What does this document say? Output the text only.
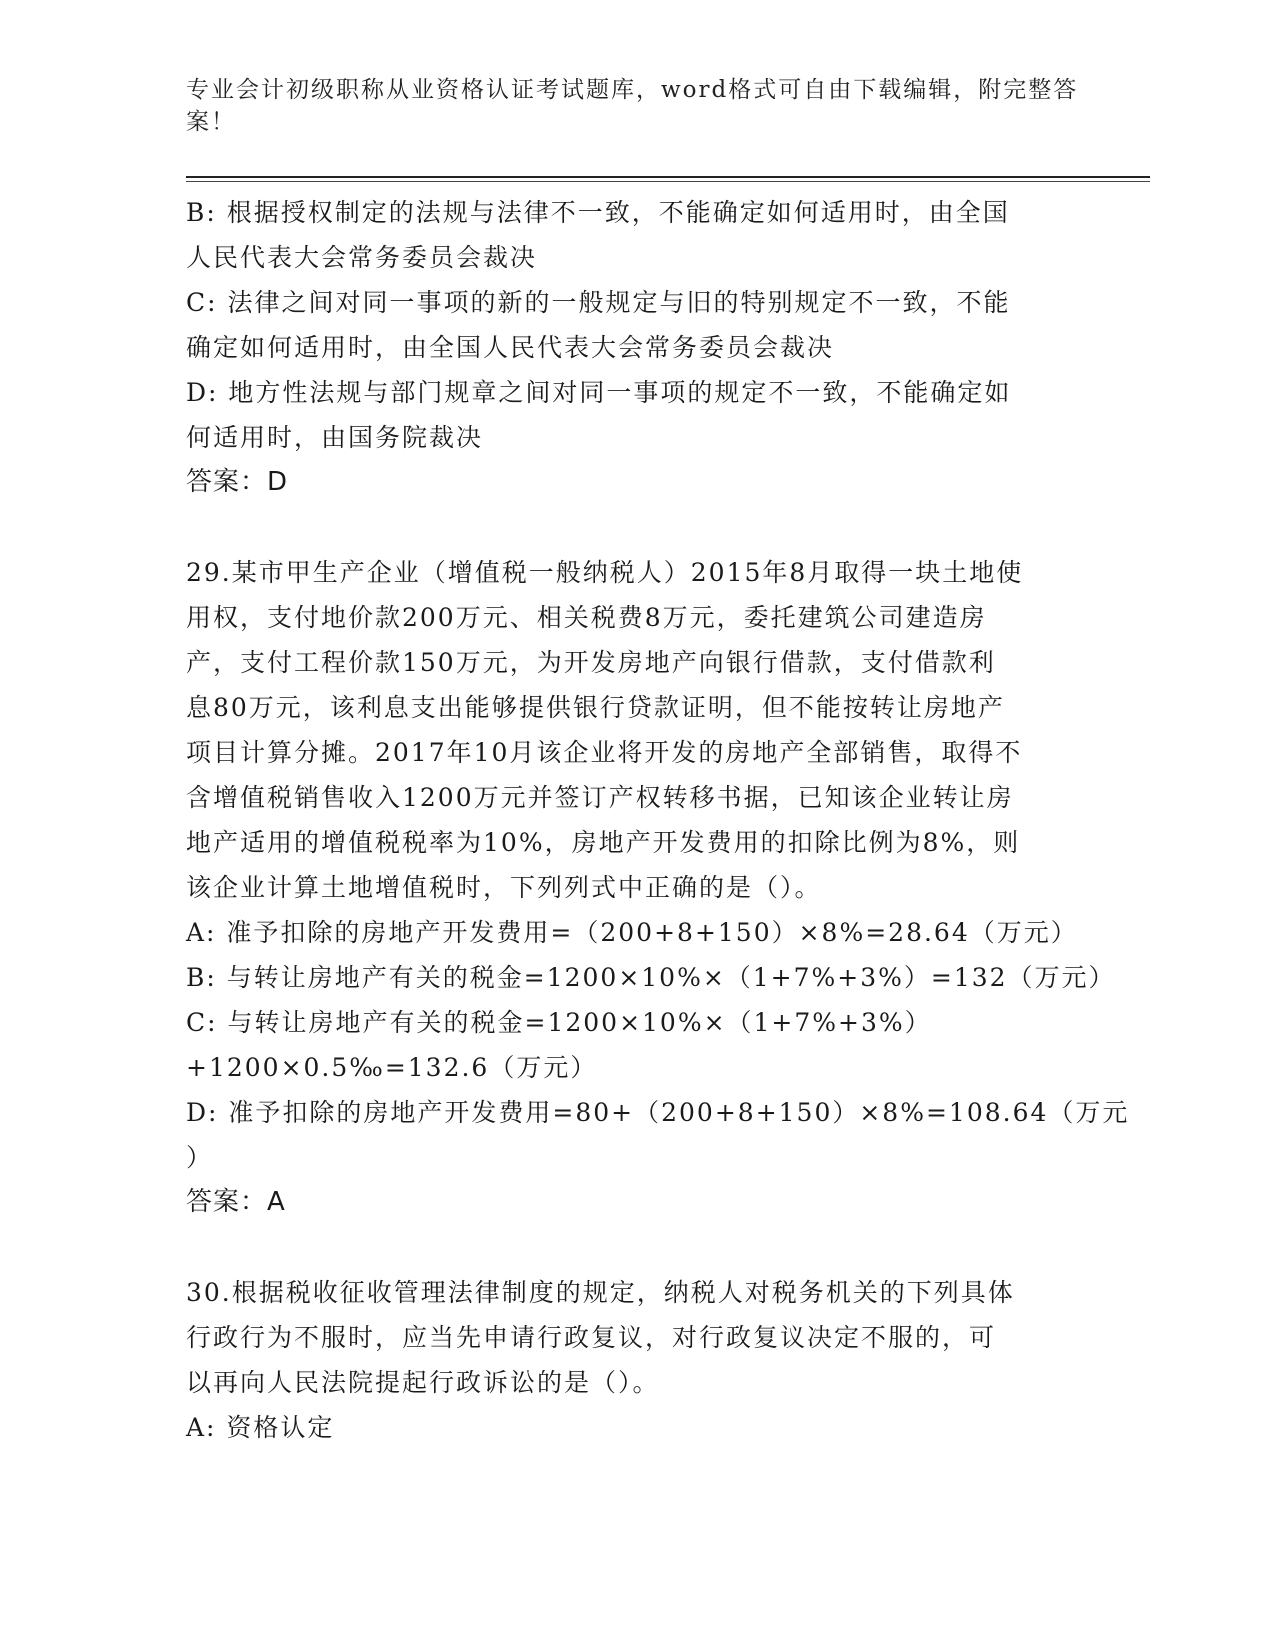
专业会计初级职称从业资格认证考试题库，word格式可自由下载编辑，附完整答
案！
B: 根据授权制定的法规与法律不一致，不能确定如何适用时，由全国
人民代表大会常务委员会裁决
C: 法律之间对同一事项的新的一般规定与旧的特别规定不一致，不能
确定如何适用时，由全国人民代表大会常务委员会裁决
D: 地方性法规与部门规章之间对同一事项的规定不一致，不能确定如
何适用时，由国务院裁决
答案：D
29.某市甲生产企业（增值税一般纳税人）2015年8月取得一块土地使
用权，支付地价款200万元、相关税费8万元，委托建筑公司建造房
产，支付工程价款150万元，为开发房地产向银行借款，支付借款利
息80万元，该利息支出能够提供银行贷款证明，但不能按转让房地产
项目计算分摊。2017年10月该企业将开发的房地产全部销售，取得不
含增值税销售收入1200万元并签订产权转移书据，已知该企业转让房
地产适用的增值税税率为10%，房地产开发费用的扣除比例为8%，则
该企业计算土地增值税时，下列列式中正确的是（）。
A: 准予扣除的房地产开发费用=（200+8+150）×8%=28.64（万元）
B: 与转让房地产有关的税金=1200×10%×（1+7%+3%）=132（万元）
C: 与转让房地产有关的税金=1200×10%×（1+7%+3%）
+1200×0.5‰=132.6（万元）
D: 准予扣除的房地产开发费用=80+（200+8+150）×8%=108.64（万元
）
答案：A
30.根据税收征收管理法律制度的规定，纳税人对税务机关的下列具体
行政行为不服时，应当先申请行政复议，对行政复议决定不服的，可
以再向人民法院提起行政诉讼的是（）。
A: 资格认定
